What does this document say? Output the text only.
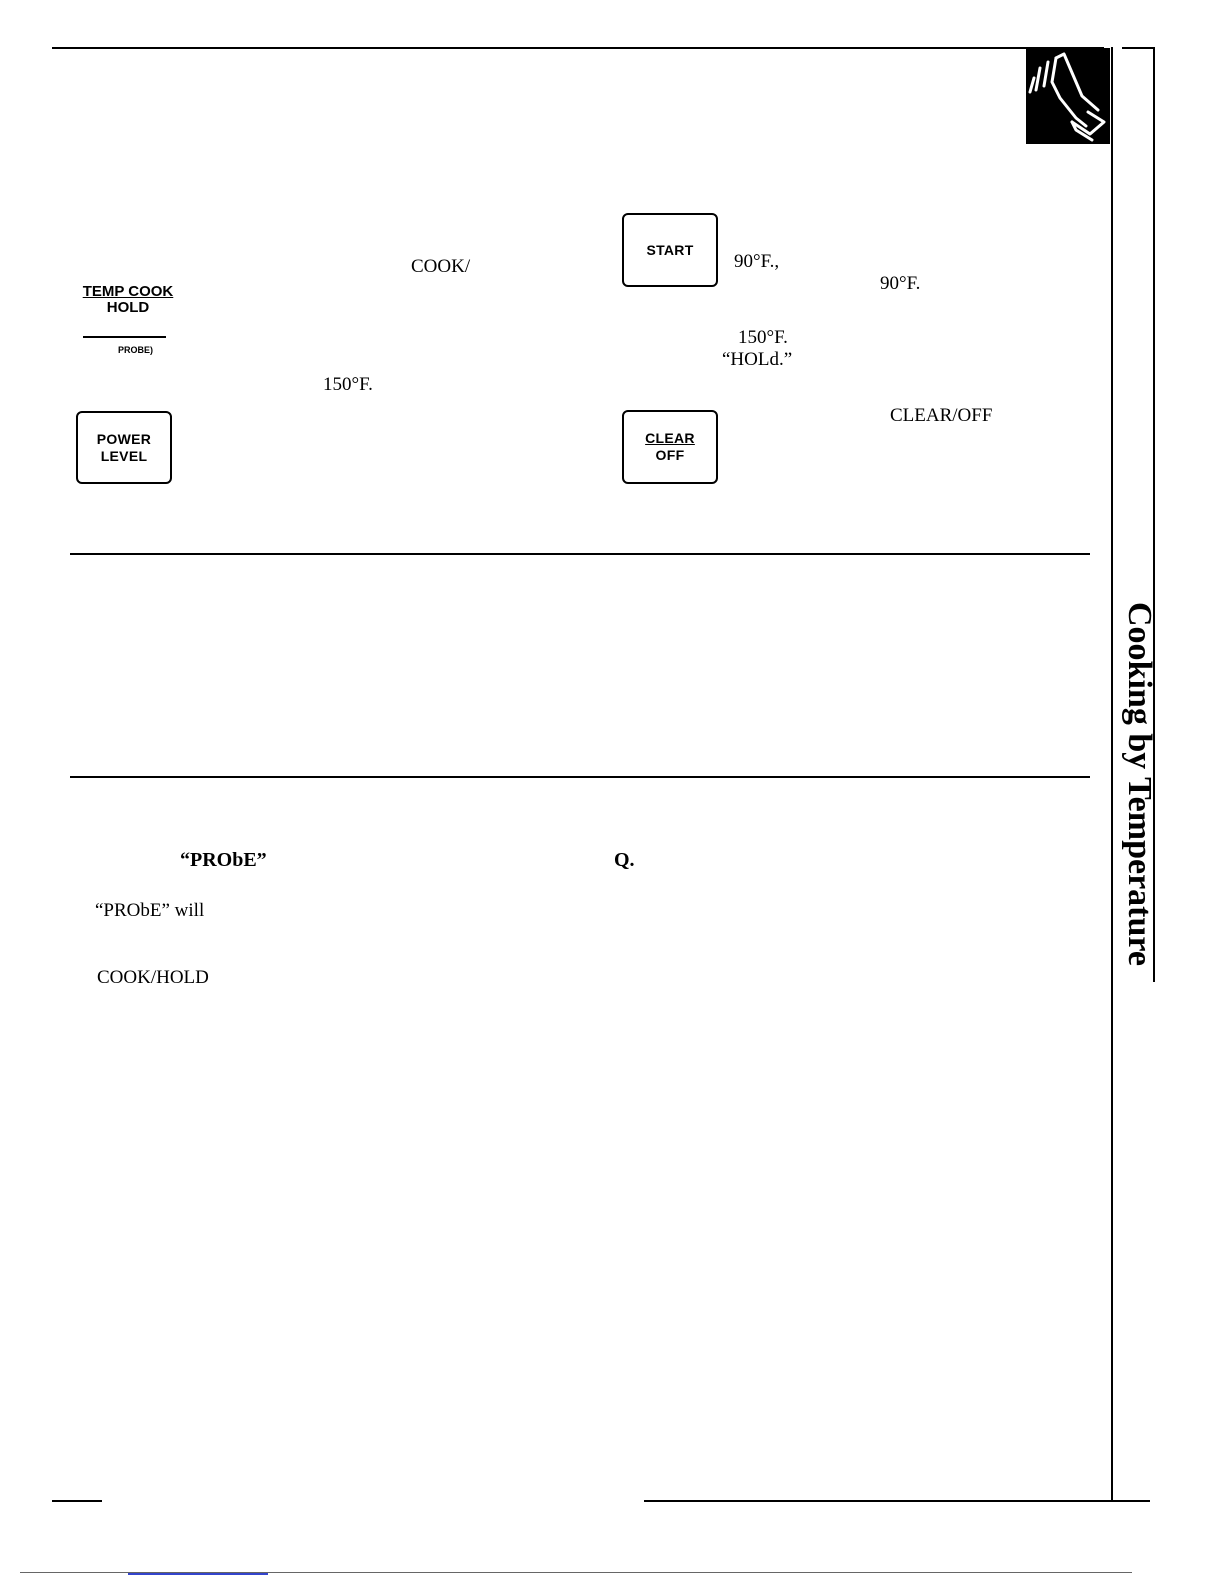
TEMP COOK
HOLD
PROBE)
COOK/
150°F.
POWER
LEVEL
START
90°F.,
90°F.
150°F.
“HOLd.”
CLEAR/OFF
CLEAR
OFF
“PRObE”	Q.
“PRObE” will
COOK/HOLD
Cooking by Temperature
